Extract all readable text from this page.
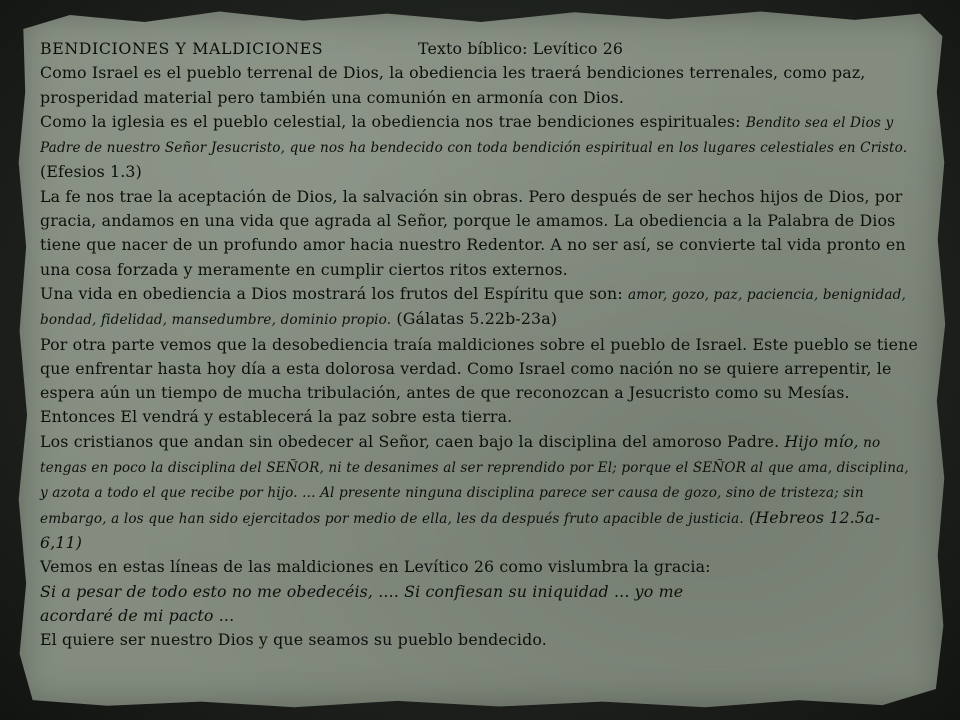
BENDICIONES Y MALDICIONES	Texto bíblico: Levítico 26

Como Israel es el pueblo terrenal de Dios, la obediencia les traerá bendiciones terrenales, como paz, prosperidad material pero también una comunión en armonía con Dios.

Como la iglesia es el pueblo celestial, la obediencia nos trae bendiciones espirituales: Bendito sea el Dios y Padre de nuestro Señor Jesucristo, que nos ha bendecido con toda bendición espiritual en los lugares celestiales en Cristo. (Efesios 1.3)

La fe nos trae la aceptación de Dios, la salvación sin obras. Pero después de ser hechos hijos de Dios, por gracia, andamos en una vida que agrada al Señor, porque le amamos. La obediencia a la Palabra de Dios tiene que nacer de un profundo amor hacia nuestro Redentor. A no ser así, se convierte tal vida pronto en una cosa forzada y meramente en cumplir ciertos ritos externos.

Una vida en obediencia a Dios mostrará los frutos del Espíritu que son: amor, gozo, paz, paciencia, benignidad, bondad, fidelidad, mansedumbre, dominio propio. (Gálatas 5.22b-23a)

Por otra parte vemos que la desobediencia traía maldiciones sobre el pueblo de Israel. Este pueblo se tiene que enfrentar hasta hoy día a esta dolorosa verdad. Como Israel como nación no se quiere arrepentir, le espera aún un tiempo de mucha tribulación, antes de que reconozcan a Jesucristo como su Mesías. Entonces El vendrá y establecerá la paz sobre esta tierra.

Los cristianos que andan sin obedecer al Señor, caen bajo la disciplina del amoroso Padre. Hijo mío, no tengas en poco la disciplina del SEÑOR, ni te desanimes al ser reprendido por El; porque el SEÑOR al que ama, disciplina, y azota a todo el que recibe por hijo. ... Al presente ninguna disciplina parece ser causa de gozo, sino de tristeza; sin embargo, a los que han sido ejercitados por medio de ella, les da después fruto apacible de justicia. (Hebreos 12.5a-6,11)

Vemos en estas líneas de las maldiciones en Levítico 26 como vislumbra la gracia:

Si a pesar de todo esto no me obedecéis, .... Si confiesan su iniquidad ... yo me

acordaré de mi pacto ...

El quiere ser nuestro Dios y que seamos su pueblo bendecido.
